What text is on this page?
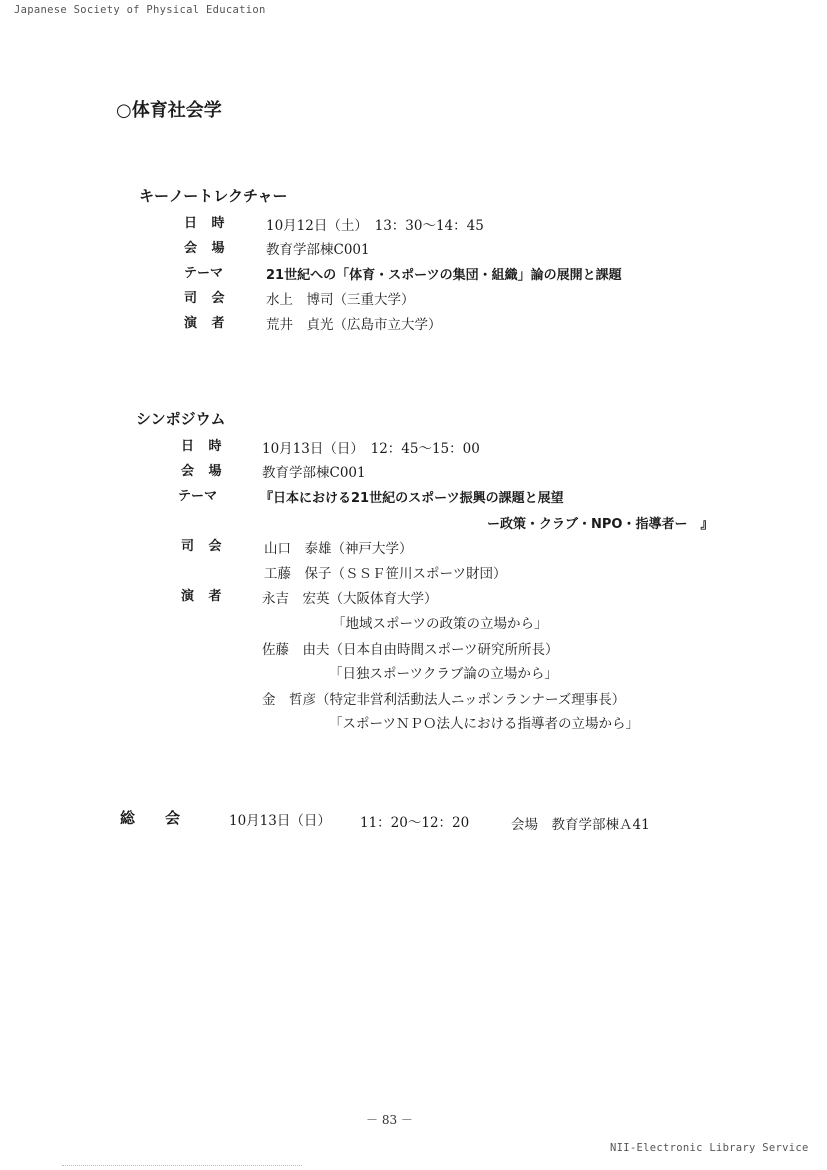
Japanese Society of Physical Education
○体育社会学
キーノートレクチャー
日 時	10月12日（土）　13：30〜14：45
会 場	教育学部棟C001
テーマ	21世紀への「体育・スポーツの集団・組織」論の展開と課題
司 会	水上　博司（三重大学）
演 者	荒井　貞光（広島市立大学）
シンポジウム
日 時	10月13日（日）　12：45〜15：00
会 場	教育学部棟C001
テーマ	『日本における21世紀のスポーツ振興の課題と展望
ー政策・クラブ・NPO・指導者ー　』
司 会	山口　泰雄（神戸大学）
工藤　保子（ＳＳＦ笹川スポーツ財団）
演 者	永吉　宏英（大阪体育大学）
「地域スポーツの政策の立場から」
佐藤　由夫（日本自由時間スポーツ研究所所長）
「日独スポーツクラブ論の立場から」
金　哲彦（特定非営利活動法人ニッポンランナーズ理事長）
「スポーツＮＰＯ法人における指導者の立場から」
総　　会	10月13日（日） 11：20〜12：20	会場　教育学部棟Ａ41
－ 83 －
NII-Electronic Library Service
